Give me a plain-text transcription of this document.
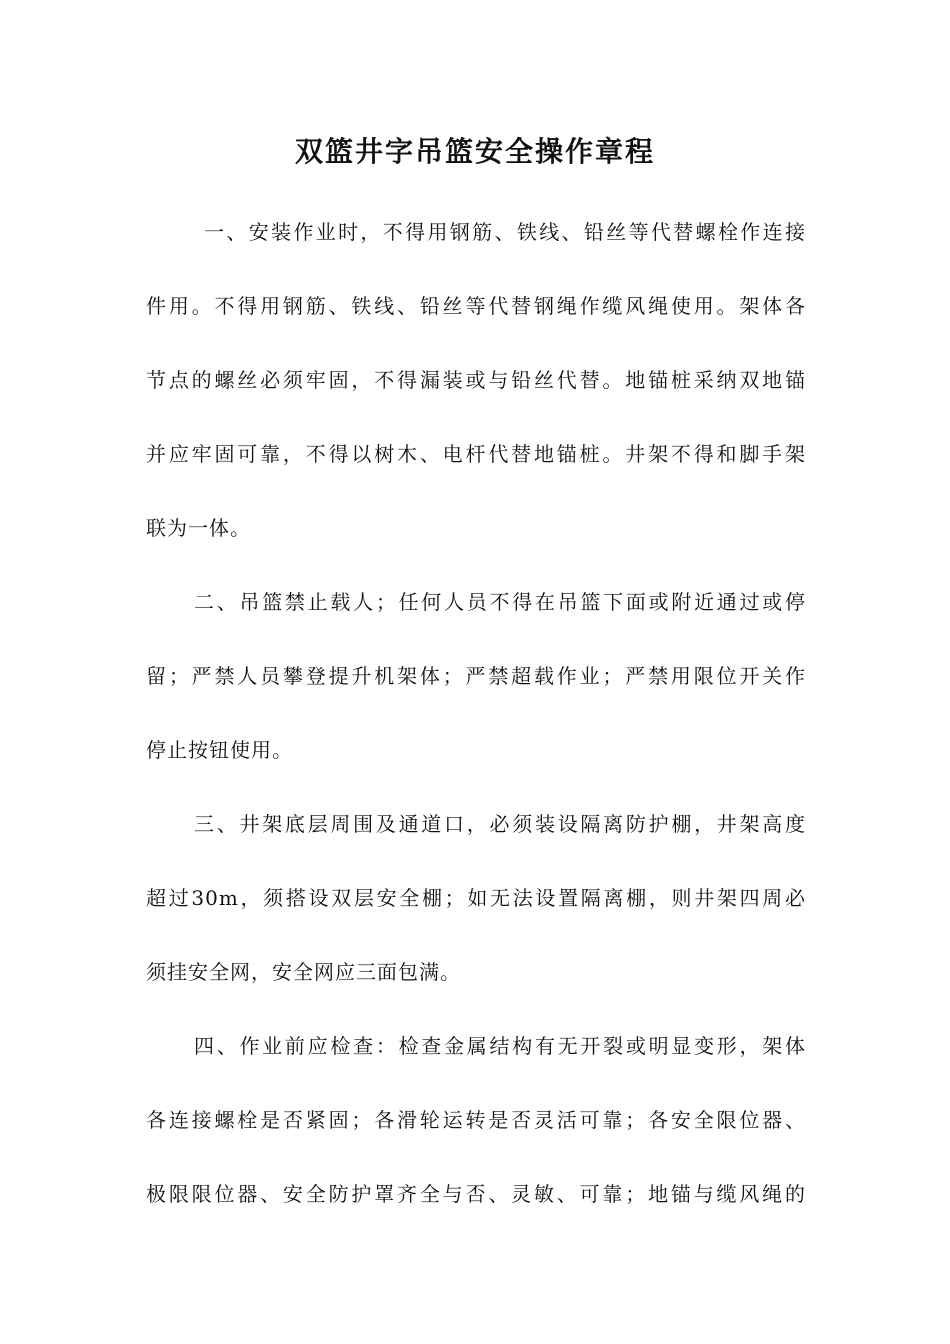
双篮井字吊篮安全操作章程
一、安装作业时，不得用钢筋、铁线、铅丝等代替螺栓作连接
件用。不得用钢筋、铁线、铅丝等代替钢绳作缆风绳使用。架体各
节点的螺丝必须牢固，不得漏装或与铅丝代替。地锚桩采纳双地锚
并应牢固可靠，不得以树木、电杆代替地锚桩。井架不得和脚手架
联为一体。
二、吊篮禁止载人；任何人员不得在吊篮下面或附近通过或停
留；严禁人员攀登提升机架体；严禁超载作业；严禁用限位开关作
停止按钮使用。
三、井架底层周围及通道口，必须装设隔离防护棚，井架高度
超过30m，须搭设双层安全棚；如无法设置隔离棚，则井架四周必
须挂安全网，安全网应三面包满。
四、作业前应检查：检查金属结构有无开裂或明显变形，架体
各连接螺栓是否紧固；各滑轮运转是否灵活可靠；各安全限位器、
极限限位器、安全防护罩齐全与否、灵敏、可靠；地锚与缆风绳的
